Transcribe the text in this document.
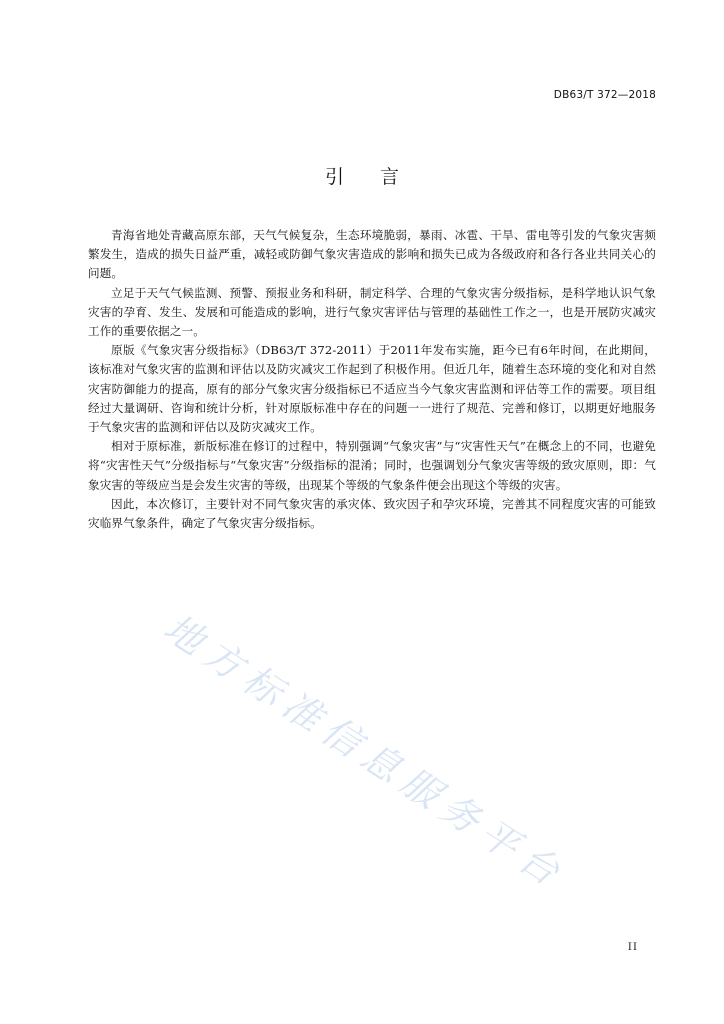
DB63/T 372—2018
引言

青海省地处青藏高原东部，天气气候复杂，生态环境脆弱，暴雨、冰雹、干旱、雷电等引发的气象灾害频繁发生，造成的损失日益严重，减轻或防御气象灾害造成的影响和损失已成为各级政府和各行各业共同关心的问题。

立足于天气气候监测、预警、预报业务和科研，制定科学、合理的气象灾害分级指标，是科学地认识气象灾害的孕育、发生、发展和可能造成的影响，进行气象灾害评估与管理的基础性工作之一，也是开展防灾减灾工作的重要依据之一。

原版《气象灾害分级指标》（DB63/T 372-2011）于2011年发布实施，距今已有6年时间，在此期间，该标准对气象灾害的监测和评估以及防灾减灾工作起到了积极作用。但近几年，随着生态环境的变化和对自然灾害防御能力的提高，原有的部分气象灾害分级指标已不适应当今气象灾害监测和评估等工作的需要。项目组经过大量调研、咨询和统计分析，针对原版标准中存在的问题一一进行了规范、完善和修订，以期更好地服务于气象灾害的监测和评估以及防灾减灾工作。

相对于原标准，新版标准在修订的过程中，特别强调“气象灾害”与“灾害性天气”在概念上的不同，也避免将“灾害性天气”分级指标与“气象灾害”分级指标的混淆；同时，也强调划分气象灾害等级的致灾原则，即：气象灾害的等级应当是会发生灾害的等级，出现某个等级的气象条件便会出现这个等级的灾害。

因此，本次修订，主要针对不同气象灾害的承灾体、致灾因子和孕灾环境，完善其不同程度灾害的可能致灾临界气象条件，确定了气象灾害分级指标。

地方标准信息服务平台
II
